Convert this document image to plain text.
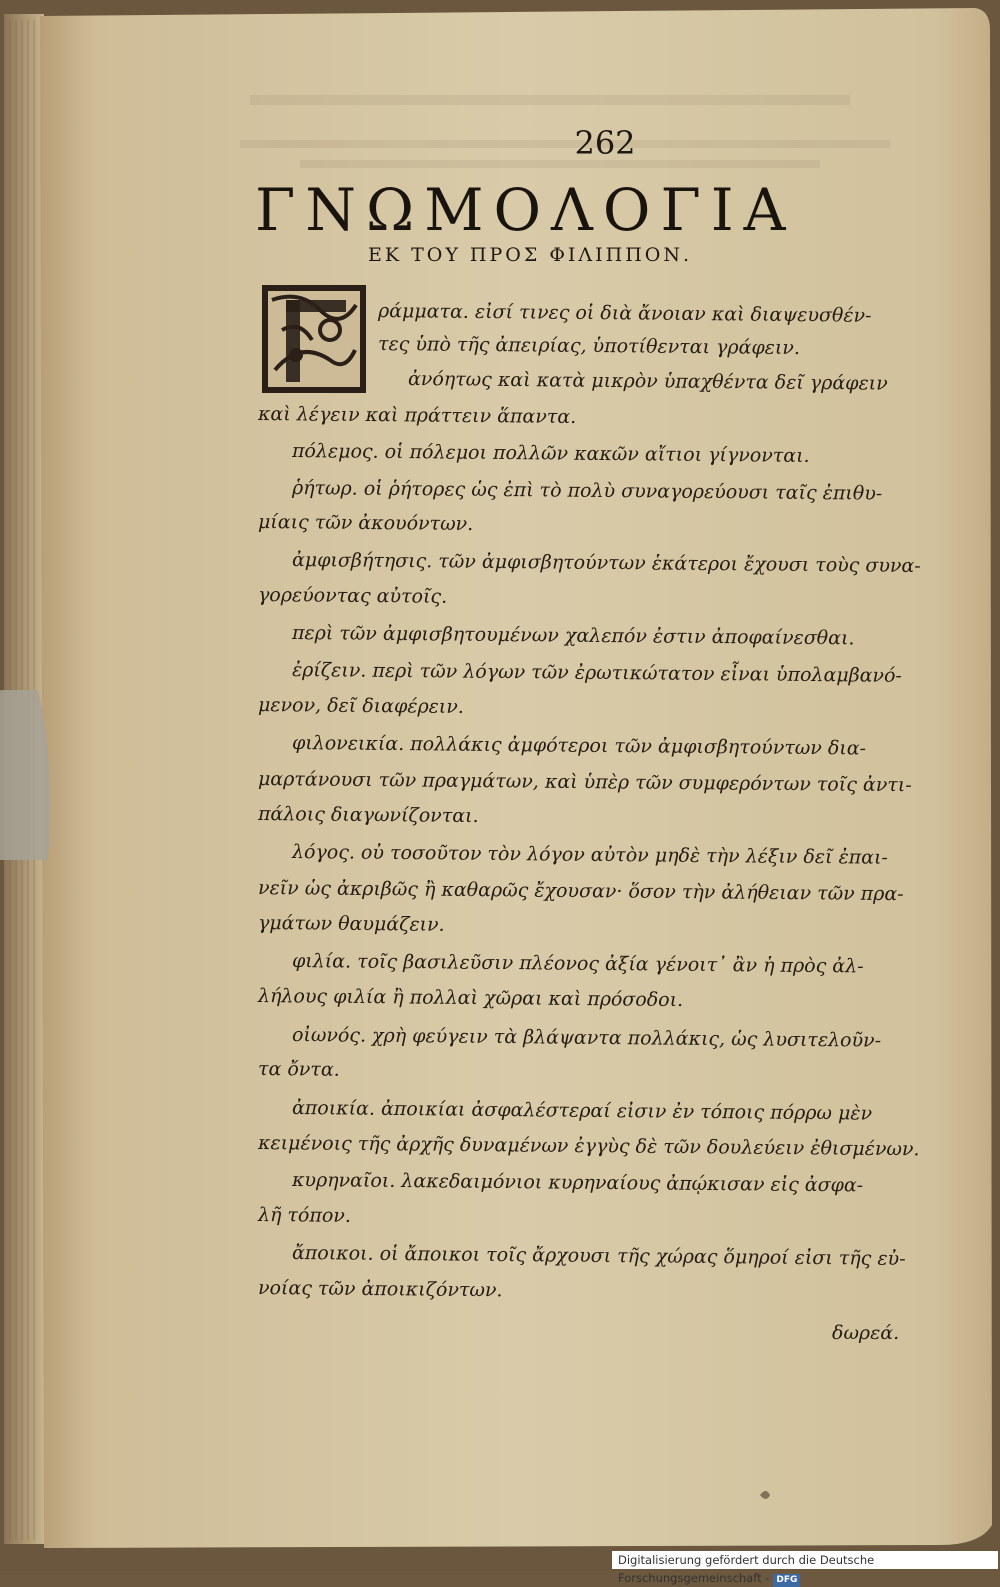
262
ΓΝΩΜΟΛΟΓΙΑ
ΕΚ ΤΟΥ ΠΡΟΣ ΦΙΛΙΠΠΟΝ.
ράμματα. εἰσί τινες οἱ διὰ ἄνοιαν καὶ διαψευσθέν-
τες ὑπὸ τῆς ἀπειρίας, ὑποτίθενται γράφειν.
ἀνόητως καὶ κατὰ μικρὸν ὑπαχθέντα δεῖ γράφειν
καὶ λέγειν καὶ πράττειν ἅπαντα.
πόλεμος. οἱ πόλεμοι πολλῶν κακῶν αἴτιοι γίγνονται.
ῥήτωρ. οἱ ῥήτορες ὡς ἐπὶ τὸ πολὺ συναγορεύουσι ταῖς ἐπιθυ-
μίαις τῶν ἀκουόντων.
ἀμφισβήτησις. τῶν ἀμφισβητούντων ἑκάτεροι ἔχουσι τοὺς συνα-
γορεύοντας αὐτοῖς.
περὶ τῶν ἀμφισβητουμένων χαλεπόν ἐστιν ἀποφαίνεσθαι.
ἐρίζειν. περὶ τῶν λόγων τῶν ἐρωτικώτατον εἶναι ὑπολαμβανό-
μενον, δεῖ διαφέρειν.
φιλονεικία. πολλάκις ἀμφότεροι τῶν ἀμφισβητούντων δια-
μαρτάνουσι τῶν πραγμάτων, καὶ ὑπὲρ τῶν συμφερόντων τοῖς ἀντι-
πάλοις διαγωνίζονται.
λόγος. οὐ τοσοῦτον τὸν λόγον αὐτὸν μηδὲ τὴν λέξιν δεῖ ἐπαι-
νεῖν ὡς ἀκριβῶς ἢ καθαρῶς ἔχουσαν· ὅσον τὴν ἀλήθειαν τῶν πρα-
γμάτων θαυμάζειν.
φιλία. τοῖς βασιλεῦσιν πλέονος ἀξία γένοιτ᾽ ἂν ἡ πρὸς ἀλ-
λήλους φιλία ἢ πολλαὶ χῶραι καὶ πρόσοδοι.
οἰωνός. χρὴ φεύγειν τὰ βλάψαντα πολλάκις, ὡς λυσιτελοῦν-
τα ὄντα.
ἀποικία. ἀποικίαι ἀσφαλέστεραί εἰσιν ἐν τόποις πόρρω μὲν
κειμένοις τῆς ἀρχῆς δυναμένων ἐγγὺς δὲ τῶν δουλεύειν ἐθισμένων.
κυρηναῖοι. λακεδαιμόνιοι κυρηναίους ἀπῴκισαν εἰς ἀσφα-
λῆ τόπον.
ἄποικοι. οἱ ἄποικοι τοῖς ἄρχουσι τῆς χώρας ὅμηροί εἰσι τῆς εὐ-
νοίας τῶν ἀποικιζόντων.
δωρεά.
Digitalisierung gefördert durch die Deutsche Forschungsgemeinschaft - DFG
